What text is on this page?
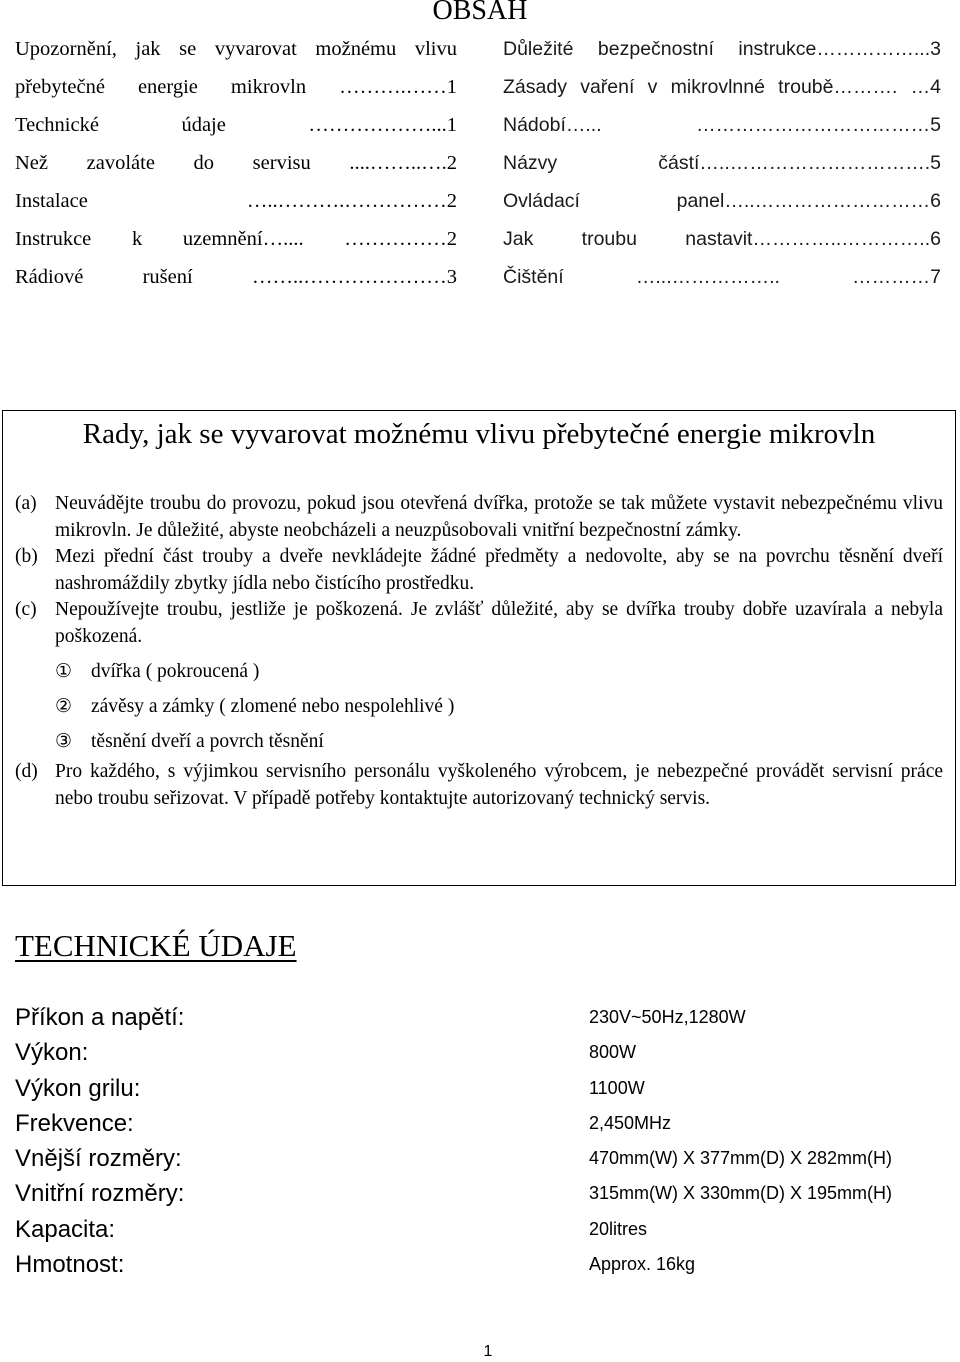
OBSAH
Upozornění, jak se vyvarovat možnému vlivu
přebytečné energie mikrovln ……….……1
Technické údaje ………………...1
Než zavoláte do servisu ....……..….2
Instalace …..……….……………2
Instrukce k uzemnění….... ……………2
Rádiové rušení ……..…………………3
Důležité bezpečnostní instrukce……………...3
Zásady vaření v mikrovlnné troubě………. …4
Nádobí…... ………………………………5
Názvy částí…..………………………….5
Ovládací panel…..………………………6
Jak troubu nastavit…………..…………..6
Čištění …...…………….. …………7
Rady, jak se vyvarovat možnému vlivu přebytečné energie mikrovln
(a) Neuvádějte troubu do provozu, pokud jsou otevřená dvířka, protože se tak můžete vystavit nebezpečnému vlivu mikrovln. Je důležité, abyste neobcházeli a neuzpůsobovali vnitřní bezpečnostní zámky.
(b) Mezi přední část trouby a dveře nevkládejte žádné předměty a nedovolte, aby se na povrchu těsnění dveří nashromáždily zbytky jídla nebo čistícího prostředku.
(c) Nepoužívejte troubu, jestliže je poškozená. Je zvlášť důležité, aby se dvířka trouby dobře uzavírala a nebyla poškozená.
① dvířka ( pokroucená )
② závěsy a zámky ( zlomené nebo nespolehlivé )
③ těsnění dveří a povrch těsnění
(d) Pro každého, s výjimkou servisního personálu vyškoleného výrobcem, je nebezpečné provádět servisní práce nebo troubu seřizovat. V případě potřeby kontaktujte autorizovaný technický servis.
TECHNICKÉ ÚDAJE
Příkon a napětí:	230V~50Hz,1280W
Výkon:	800W
Výkon grilu:	1100W
Frekvence:	2,450MHz
Vnější rozměry:	470mm(W) X 377mm(D) X 282mm(H)
Vnitřní rozměry:	315mm(W) X 330mm(D) X 195mm(H)
Kapacita:	20litres
Hmotnost:	Approx. 16kg
1
